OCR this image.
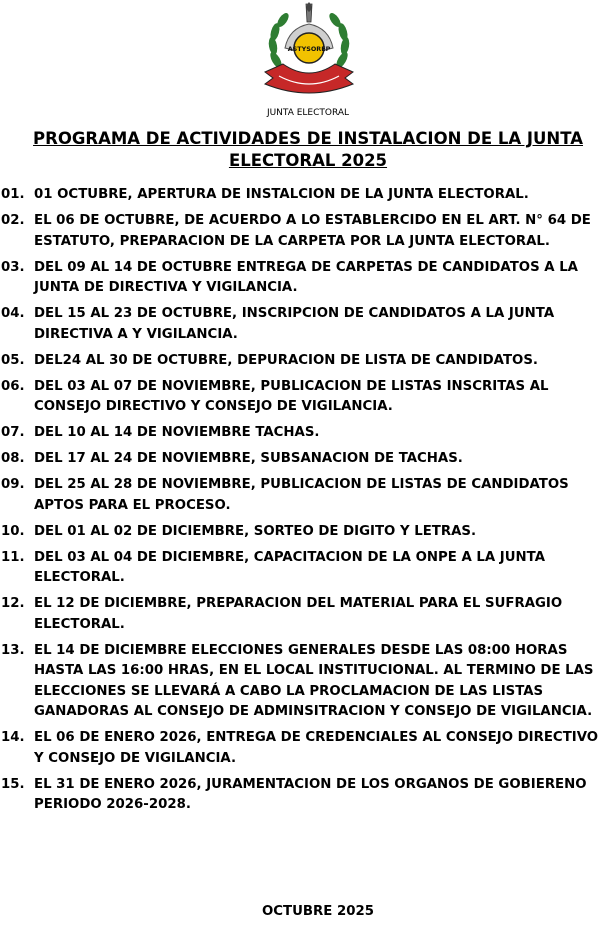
ASTYSOREP
JUNTA ELECTORAL
PROGRAMA DE ACTIVIDADES DE INSTALACION DE LA JUNTA ELECTORAL 2025
01. 01 OCTUBRE, APERTURA DE INSTALCION DE LA JUNTA ELECTORAL.
02. EL 06 DE OCTUBRE, DE ACUERDO A LO ESTABLERCIDO EN EL ART. N° 64 DE ESTATUTO, PREPARACION DE LA CARPETA POR LA JUNTA ELECTORAL.
03. DEL 09 AL 14 DE OCTUBRE ENTREGA DE CARPETAS DE CANDIDATOS A LA JUNTA DE DIRECTIVA Y VIGILANCIA.
04. DEL 15 AL 23 DE OCTUBRE, INSCRIPCION DE CANDIDATOS A LA JUNTA DIRECTIVA A Y VIGILANCIA.
05. DEL24 AL 30 DE OCTUBRE, DEPURACION DE LISTA DE CANDIDATOS.
06. DEL 03 AL 07 DE NOVIEMBRE, PUBLICACION DE LISTAS INSCRITAS AL CONSEJO DIRECTIVO Y CONSEJO DE VIGILANCIA.
07. DEL 10 AL 14 DE NOVIEMBRE TACHAS.
08. DEL 17 AL 24 DE NOVIEMBRE, SUBSANACION DE TACHAS.
09. DEL 25 AL 28 DE NOVIEMBRE, PUBLICACION DE LISTAS DE CANDIDATOS APTOS PARA EL PROCESO.
10. DEL 01 AL 02 DE DICIEMBRE, SORTEO DE DIGITO Y LETRAS.
11. DEL 03 AL 04 DE DICIEMBRE, CAPACITACION DE LA ONPE A LA JUNTA ELECTORAL.
12. EL 12 DE DICIEMBRE, PREPARACION DEL MATERIAL PARA EL SUFRAGIO ELECTORAL.
13. EL 14 DE DICIEMBRE ELECCIONES GENERALES DESDE LAS 08:00 HORAS HASTA LAS 16:00 HRAS, EN EL LOCAL INSTITUCIONAL. AL TERMINO DE LAS ELECCIONES SE LLEVARÁ A CABO LA PROCLAMACION DE LAS LISTAS GANADORAS AL CONSEJO DE ADMINSITRACION Y CONSEJO DE VIGILANCIA.
14. EL 06 DE ENERO 2026, ENTREGA DE CREDENCIALES AL CONSEJO DIRECTIVO Y CONSEJO DE VIGILANCIA.
15. EL 31 DE ENERO 2026, JURAMENTACION DE LOS ORGANOS DE GOBIERENO PERIODO 2026-2028.
OCTUBRE 2025
